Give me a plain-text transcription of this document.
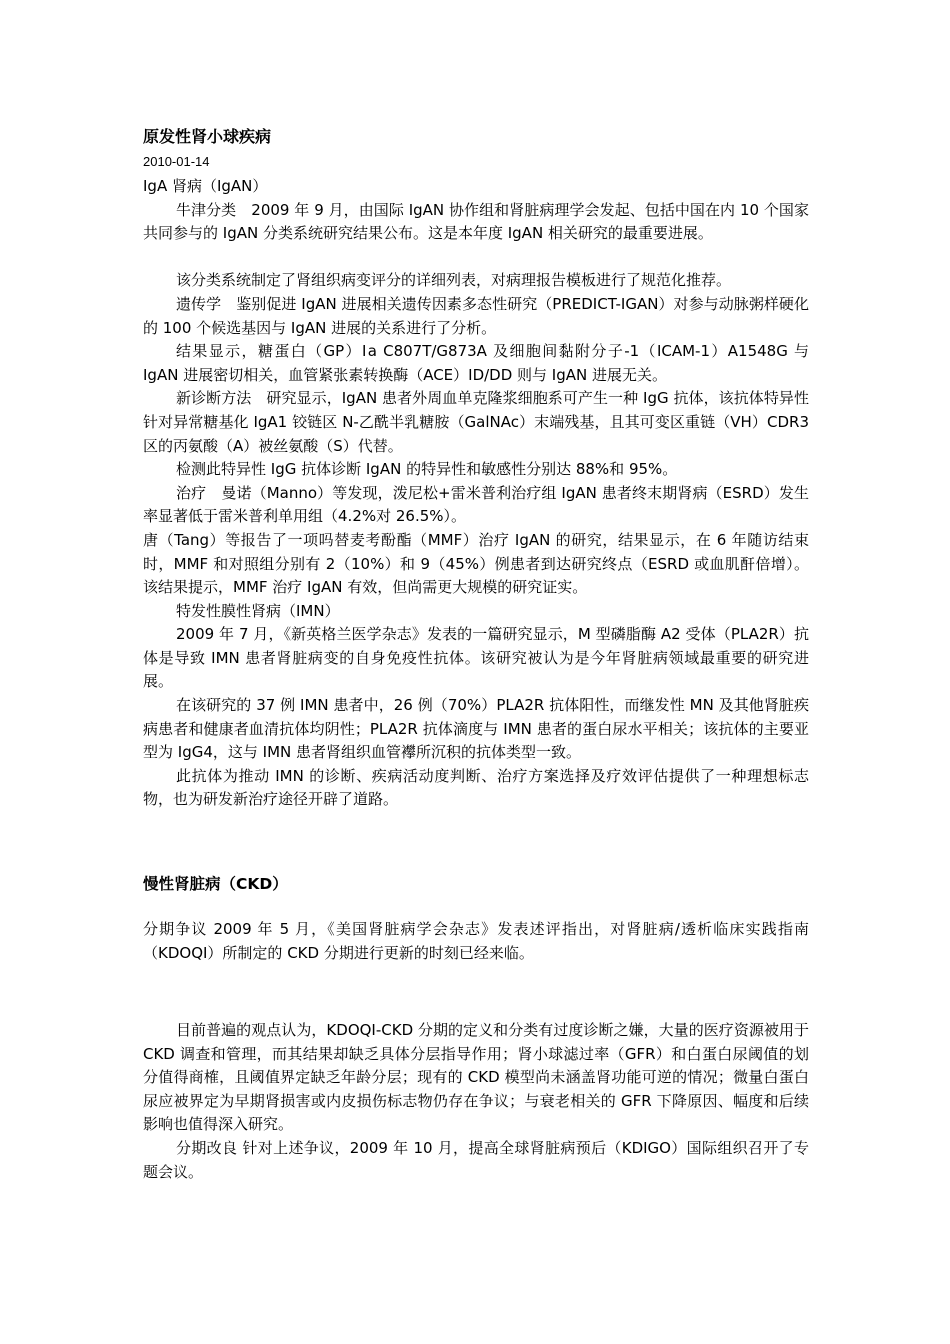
原发性肾小球疾病
2010-01-14

IgA 肾病（IgAN）

牛津分类　2009 年 9 月，由国际 IgAN 协作组和肾脏病理学会发起、包括中国在内 10 个国家共同参与的 IgAN 分类系统研究结果公布。这是本年度 IgAN 相关研究的最重要进展。

该分类系统制定了肾组织病变评分的详细列表，对病理报告模板进行了规范化推荐。

遗传学　鉴别促进 IgAN 进展相关遗传因素多态性研究（PREDICT-IGAN）对参与动脉粥样硬化的 100 个候选基因与 IgAN 进展的关系进行了分析。

结果显示，糖蛋白（GP）Ⅰa C807T/G873A 及细胞间黏附分子-1（ICAM-1）A1548G 与 IgAN 进展密切相关，血管紧张素转换酶（ACE）ID/DD 则与 IgAN 进展无关。

新诊断方法　研究显示，IgAN 患者外周血单克隆浆细胞系可产生一种 IgG 抗体，该抗体特异性针对异常糖基化 IgA1 铰链区 N-乙酰半乳糖胺（GalNAc）末端残基，且其可变区重链（VH）CDR3 区的丙氨酸（A）被丝氨酸（S）代替。

检测此特异性 IgG 抗体诊断 IgAN 的特异性和敏感性分别达 88%和 95%。

治疗　曼诺（Manno）等发现，泼尼松+雷米普利治疗组 IgAN 患者终末期肾病（ESRD）发生率显著低于雷米普利单用组（4.2%对 26.5%）。

唐（Tang）等报告了一项吗替麦考酚酯（MMF）治疗 IgAN 的研究，结果显示，在 6 年随访结束时，MMF 和对照组分别有 2（10%）和 9（45%）例患者到达研究终点（ESRD 或血肌酐倍增）。该结果提示，MMF 治疗 IgAN 有效，但尚需更大规模的研究证实。

特发性膜性肾病（IMN）

2009 年 7 月，《新英格兰医学杂志》发表的一篇研究显示，M 型磷脂酶 A2 受体（PLA2R）抗体是导致 IMN 患者肾脏病变的自身免疫性抗体。该研究被认为是今年肾脏病领域最重要的研究进展。

在该研究的 37 例 IMN 患者中，26 例（70%）PLA2R 抗体阳性，而继发性 MN 及其他肾脏疾病患者和健康者血清抗体均阴性；PLA2R 抗体滴度与 IMN 患者的蛋白尿水平相关；该抗体的主要亚型为 IgG4，这与 IMN 患者肾组织血管襻所沉积的抗体类型一致。

此抗体为推动 IMN 的诊断、疾病活动度判断、治疗方案选择及疗效评估提供了一种理想标志物，也为研发新治疗途径开辟了道路。

慢性肾脏病（CKD）

分期争议 2009 年 5 月，《美国肾脏病学会杂志》发表述评指出，对肾脏病/透析临床实践指南（KDOQI）所制定的 CKD 分期进行更新的时刻已经来临。

目前普遍的观点认为，KDOQI-CKD 分期的定义和分类有过度诊断之嫌，大量的医疗资源被用于 CKD 调查和管理，而其结果却缺乏具体分层指导作用；肾小球滤过率（GFR）和白蛋白尿阈值的划分值得商榷，且阈值界定缺乏年龄分层；现有的 CKD 模型尚未涵盖肾功能可逆的情况；微量白蛋白尿应被界定为早期肾损害或内皮损伤标志物仍存在争议；与衰老相关的 GFR 下降原因、幅度和后续影响也值得深入研究。

分期改良 针对上述争议，2009 年 10 月，提高全球肾脏病预后（KDIGO）国际组织召开了专题会议。
